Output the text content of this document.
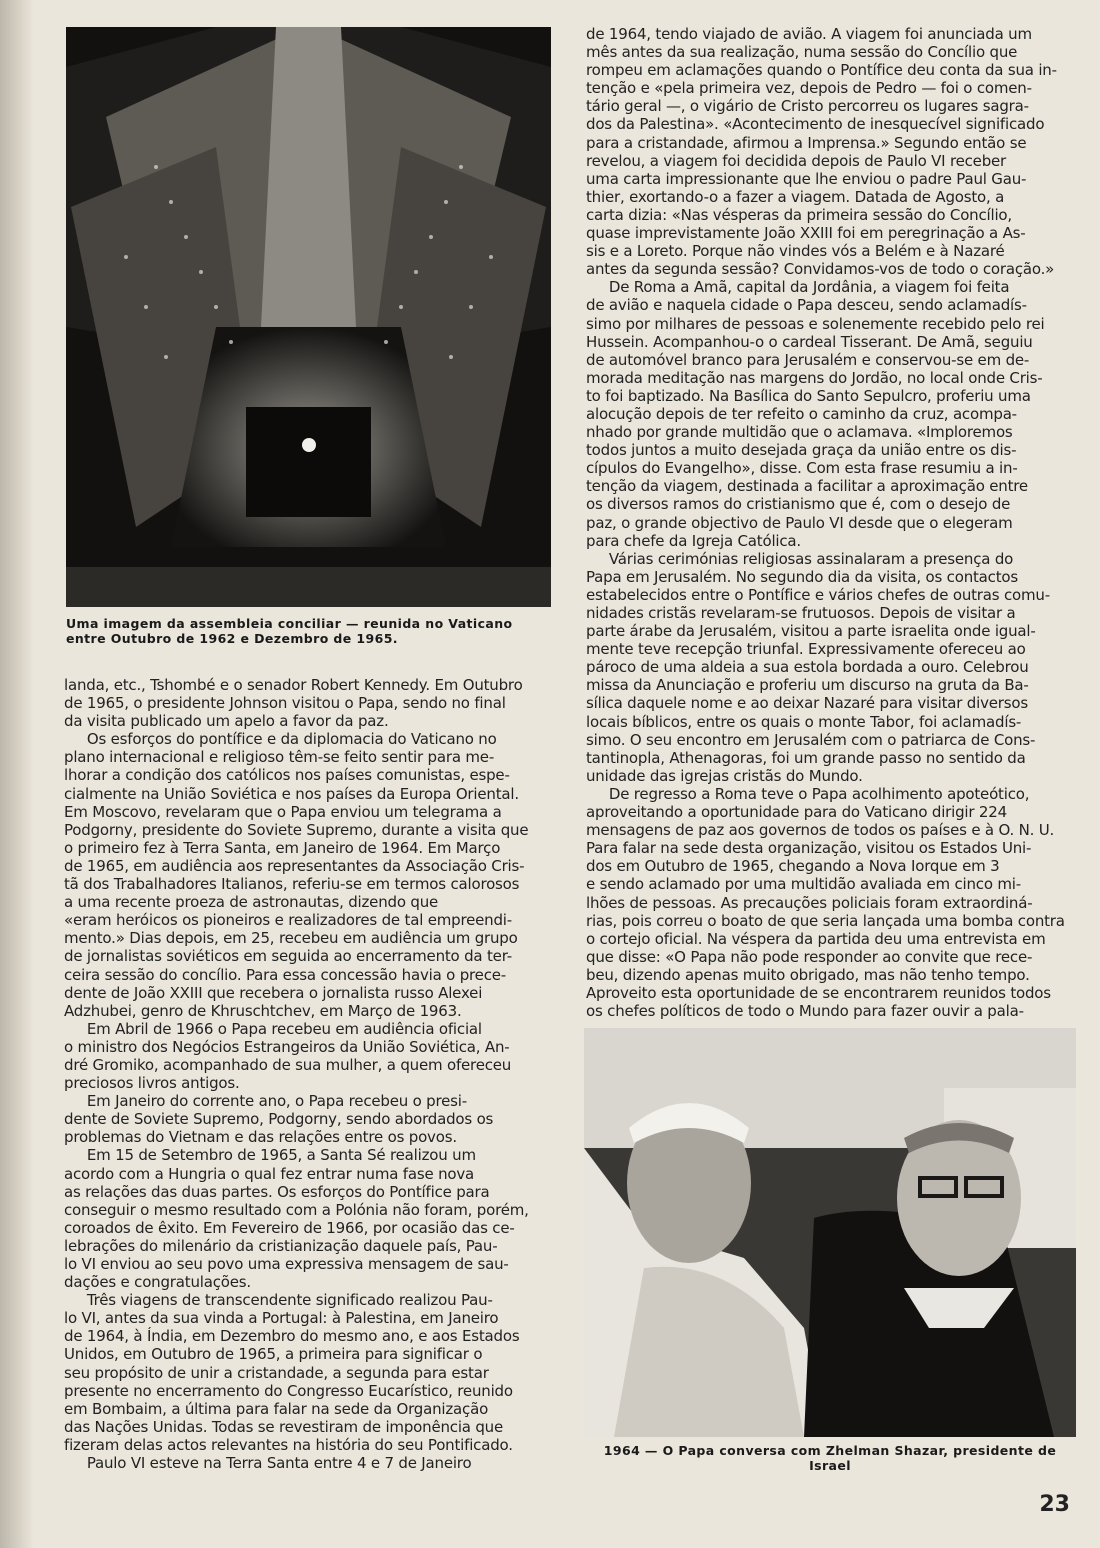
Uma imagem da assembleia conciliar — reunida no Vaticano
entre Outubro de 1962 e Dezembro de 1965.
landa, etc., Tshombé e o senador Robert Kennedy. Em Outubro
de 1965, o presidente Johnson visitou o Papa, sendo no final
da visita publicado um apelo a favor da paz.
Os esforços do pontífice e da diplomacia do Vaticano no
plano internacional e religioso têm-se feito sentir para me-
lhorar a condição dos católicos nos países comunistas, espe-
cialmente na União Soviética e nos países da Europa Oriental.
Em Moscovo, revelaram que o Papa enviou um telegrama a
Podgorny, presidente do Soviete Supremo, durante a visita que
o primeiro fez à Terra Santa, em Janeiro de 1964. Em Março
de 1965, em audiência aos representantes da Associação Cris-
tã dos Trabalhadores Italianos, referiu-se em termos calorosos
a uma recente proeza de astronautas, dizendo que
«eram heróicos os pioneiros e realizadores de tal empreendi-
mento.» Dias depois, em 25, recebeu em audiência um grupo
de jornalistas soviéticos em seguida ao encerramento da ter-
ceira sessão do concílio. Para essa concessão havia o prece-
dente de João XXIII que recebera o jornalista russo Alexei
Adzhubei, genro de Khruschtchev, em Março de 1963.
Em Abril de 1966 o Papa recebeu em audiência oficial
o ministro dos Negócios Estrangeiros da União Soviética, An-
dré Gromiko, acompanhado de sua mulher, a quem ofereceu
preciosos livros antigos.
Em Janeiro do corrente ano, o Papa recebeu o presi-
dente de Soviete Supremo, Podgorny, sendo abordados os
problemas do Vietnam e das relações entre os povos.
Em 15 de Setembro de 1965, a Santa Sé realizou um
acordo com a Hungria o qual fez entrar numa fase nova
as relações das duas partes. Os esforços do Pontífice para
conseguir o mesmo resultado com a Polónia não foram, porém,
coroados de êxito. Em Fevereiro de 1966, por ocasião das ce-
lebrações do milenário da cristianização daquele país, Pau-
lo VI enviou ao seu povo uma expressiva mensagem de sau-
dações e congratulações.
Três viagens de transcendente significado realizou Pau-
lo VI, antes da sua vinda a Portugal: à Palestina, em Janeiro
de 1964, à Índia, em Dezembro do mesmo ano, e aos Estados
Unidos, em Outubro de 1965, a primeira para significar o
seu propósito de unir a cristandade, a segunda para estar
presente no encerramento do Congresso Eucarístico, reunido
em Bombaim, a última para falar na sede da Organização
das Nações Unidas. Todas se revestiram de imponência que
fizeram delas actos relevantes na história do seu Pontificado.
Paulo VI esteve na Terra Santa entre 4 e 7 de Janeiro
de 1964, tendo viajado de avião. A viagem foi anunciada um
mês antes da sua realização, numa sessão do Concílio que
rompeu em aclamações quando o Pontífice deu conta da sua in-
tenção e «pela primeira vez, depois de Pedro — foi o comen-
tário geral —, o vigário de Cristo percorreu os lugares sagra-
dos da Palestina». «Acontecimento de inesquecível significado
para a cristandade, afirmou a Imprensa.» Segundo então se
revelou, a viagem foi decidida depois de Paulo VI receber
uma carta impressionante que lhe enviou o padre Paul Gau-
thier, exortando-o a fazer a viagem. Datada de Agosto, a
carta dizia: «Nas vésperas da primeira sessão do Concílio,
quase imprevistamente João XXIII foi em peregrinação a As-
sis e a Loreto. Porque não vindes vós a Belém e à Nazaré
antes da segunda sessão? Convidamos-vos de todo o coração.»
De Roma a Amã, capital da Jordânia, a viagem foi feita
de avião e naquela cidade o Papa desceu, sendo aclamadís-
simo por milhares de pessoas e solenemente recebido pelo rei
Hussein. Acompanhou-o o cardeal Tisserant. De Amã, seguiu
de automóvel branco para Jerusalém e conservou-se em de-
morada meditação nas margens do Jordão, no local onde Cris-
to foi baptizado. Na Basílica do Santo Sepulcro, proferiu uma
alocução depois de ter refeito o caminho da cruz, acompa-
nhado por grande multidão que o aclamava. «Imploremos
todos juntos a muito desejada graça da união entre os dis-
cípulos do Evangelho», disse. Com esta frase resumiu a in-
tenção da viagem, destinada a facilitar a aproximação entre
os diversos ramos do cristianismo que é, com o desejo de
paz, o grande objectivo de Paulo VI desde que o elegeram
para chefe da Igreja Católica.
Várias cerimónias religiosas assinalaram a presença do
Papa em Jerusalém. No segundo dia da visita, os contactos
estabelecidos entre o Pontífice e vários chefes de outras comu-
nidades cristãs revelaram-se frutuosos. Depois de visitar a
parte árabe da Jerusalém, visitou a parte israelita onde igual-
mente teve recepção triunfal. Expressivamente ofereceu ao
pároco de uma aldeia a sua estola bordada a ouro. Celebrou
missa da Anunciação e proferiu um discurso na gruta da Ba-
sílica daquele nome e ao deixar Nazaré para visitar diversos
locais bíblicos, entre os quais o monte Tabor, foi aclamadís-
simo. O seu encontro em Jerusalém com o patriarca de Cons-
tantinopla, Athenagoras, foi um grande passo no sentido da
unidade das igrejas cristãs do Mundo.
De regresso a Roma teve o Papa acolhimento apoteótico,
aproveitando a oportunidade para do Vaticano dirigir 224
mensagens de paz aos governos de todos os países e à O. N. U.
Para falar na sede desta organização, visitou os Estados Uni-
dos em Outubro de 1965, chegando a Nova Iorque em 3
e sendo aclamado por uma multidão avaliada em cinco mi-
lhões de pessoas. As precauções policiais foram extraordiná-
rias, pois correu o boato de que seria lançada uma bomba contra
o cortejo oficial. Na véspera da partida deu uma entrevista em
que disse: «O Papa não pode responder ao convite que rece-
beu, dizendo apenas muito obrigado, mas não tenho tempo.
Aproveito esta oportunidade de se encontrarem reunidos todos
os chefes políticos de todo o Mundo para fazer ouvir a pala-
1964 — O Papa conversa com Zhelman Shazar, presidente de
Israel
23
